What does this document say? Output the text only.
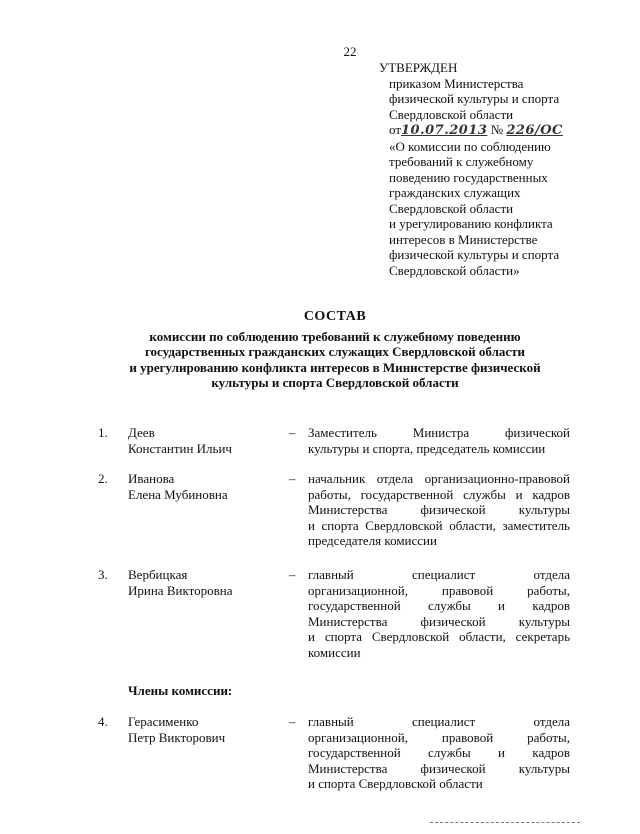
22
УТВЕРЖДЕН
приказом Министерства
физической культуры и спорта
Свердловской области
от10.07.2013 № 226/ОС
«О комиссии по соблюдению
требований к служебному
поведению государственных
гражданских служащих
Свердловской области
и урегулированию конфликта
интересов в Министерстве
физической культуры и спорта
Свердловской области»
СОСТАВ
комиссии по соблюдению требований к служебному поведению
государственных гражданских служащих Свердловской области
и урегулированию конфликта интересов в Министерстве физической
культуры и спорта Свердловской области
1.	Деев
Константин Ильич
– Заместитель Министра физической
культуры и спорта, председатель комиссии
2.	Иванова
Елена Мубиновна
– начальник отдела организационно-правовой
работы, государственной службы и кадров
Министерства физической культуры
и спорта Свердловской области, заместитель
председателя комиссии
3.	Вербицкая
Ирина Викторовна
– главный специалист отдела
организационной, правовой работы,
государственной службы и кадров
Министерства физической культуры
и спорта Свердловской области, секретарь
комиссии
Члены комиссии:
4.	Герасименко
Петр Викторович
– главный специалист отдела
организационной, правовой работы,
государственной службы и кадров
Министерства физической культуры
и спорта Свердловской области
